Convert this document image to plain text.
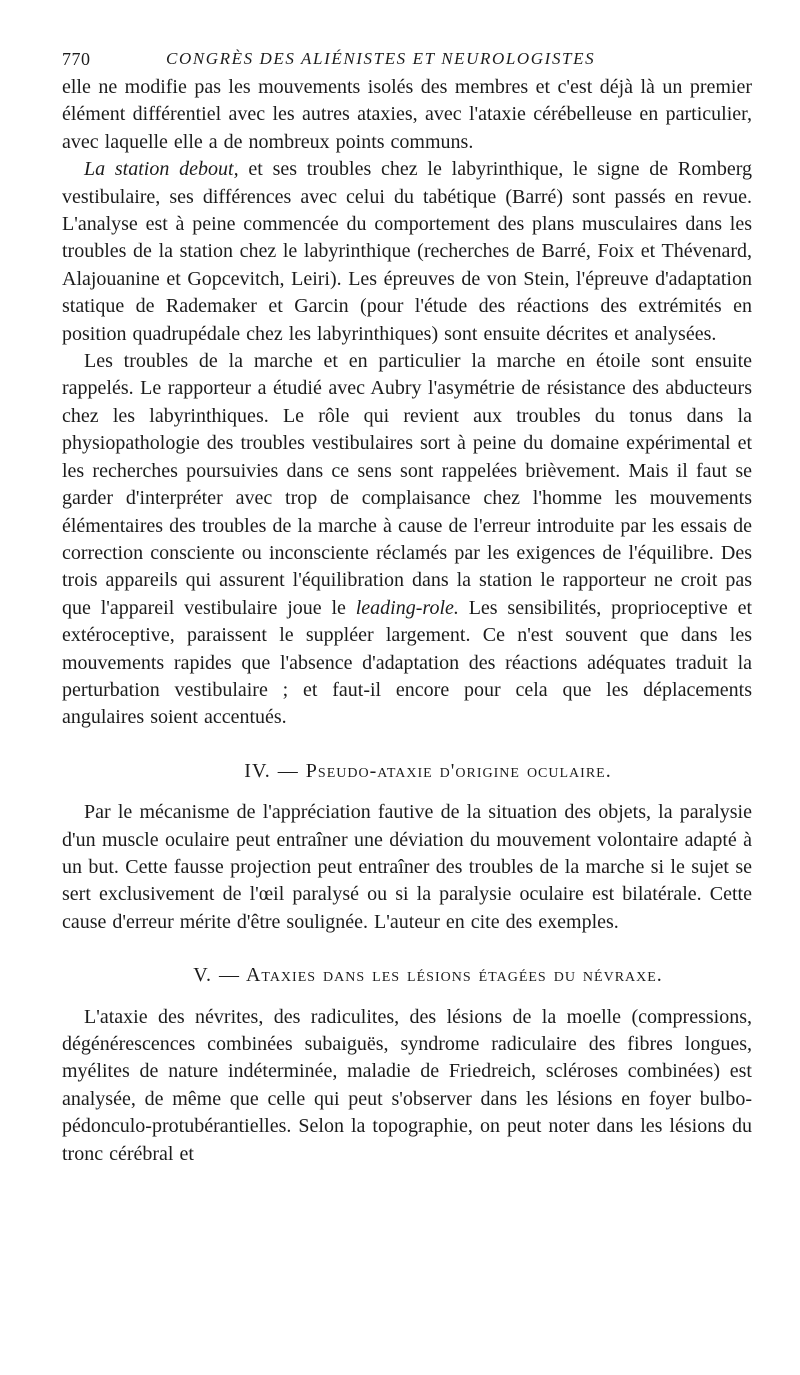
770	CONGRÈS DES ALIÉNISTES ET NEUROLOGISTES

elle ne modifie pas les mouvements isolés des membres et c'est déjà là un premier élément différentiel avec les autres ataxies, avec l'ataxie cérébelleuse en particulier, avec laquelle elle a de nombreux points communs.

La station debout, et ses troubles chez le labyrinthique, le signe de Romberg vestibulaire, ses différences avec celui du tabétique (Barré) sont passés en revue. L'analyse est à peine commencée du comportement des plans musculaires dans les troubles de la station chez le labyrinthique (recherches de Barré, Foix et Thévenard, Alajouanine et Gopcevitch, Leiri). Les épreuves de von Stein, l'épreuve d'adaptation statique de Rademaker et Garcin (pour l'étude des réactions des extrémités en position quadrupédale chez les labyrinthiques) sont ensuite décrites et analysées.

Les troubles de la marche et en particulier la marche en étoile sont ensuite rappelés. Le rapporteur a étudié avec Aubry l'asymétrie de résistance des abducteurs chez les labyrinthiques. Le rôle qui revient aux troubles du tonus dans la physiopathologie des troubles vestibulaires sort à peine du domaine expérimental et les recherches poursuivies dans ce sens sont rappelées brièvement. Mais il faut se garder d'interpréter avec trop de complaisance chez l'homme les mouvements élémentaires des troubles de la marche à cause de l'erreur introduite par les essais de correction consciente ou inconsciente réclamés par les exigences de l'équilibre. Des trois appareils qui assurent l'équilibration dans la station le rapporteur ne croit pas que l'appareil vestibulaire joue le leading-role. Les sensibilités, proprioceptive et extéroceptive, paraissent le suppléer largement. Ce n'est souvent que dans les mouvements rapides que l'absence d'adaptation des réactions adéquates traduit la perturbation vestibulaire ; et faut-il encore pour cela que les déplacements angulaires soient accentués.

IV. — Pseudo-ataxie d'origine oculaire.

Par le mécanisme de l'appréciation fautive de la situation des objets, la paralysie d'un muscle oculaire peut entraîner une déviation du mouvement volontaire adapté à un but. Cette fausse projection peut entraîner des troubles de la marche si le sujet se sert exclusivement de l'œil paralysé ou si la paralysie oculaire est bilatérale. Cette cause d'erreur mérite d'être soulignée. L'auteur en cite des exemples.

V. — Ataxies dans les lésions étagées du névraxe.

L'ataxie des névrites, des radiculites, des lésions de la moelle (compressions, dégénérescences combinées subaiguës, syndrome radiculaire des fibres longues, myélites de nature indéterminée, maladie de Friedreich, scléroses combinées) est analysée, de même que celle qui peut s'observer dans les lésions en foyer bulbo-pédonculo-protubérantielles. Selon la topographie, on peut noter dans les lésions du tronc cérébral et
